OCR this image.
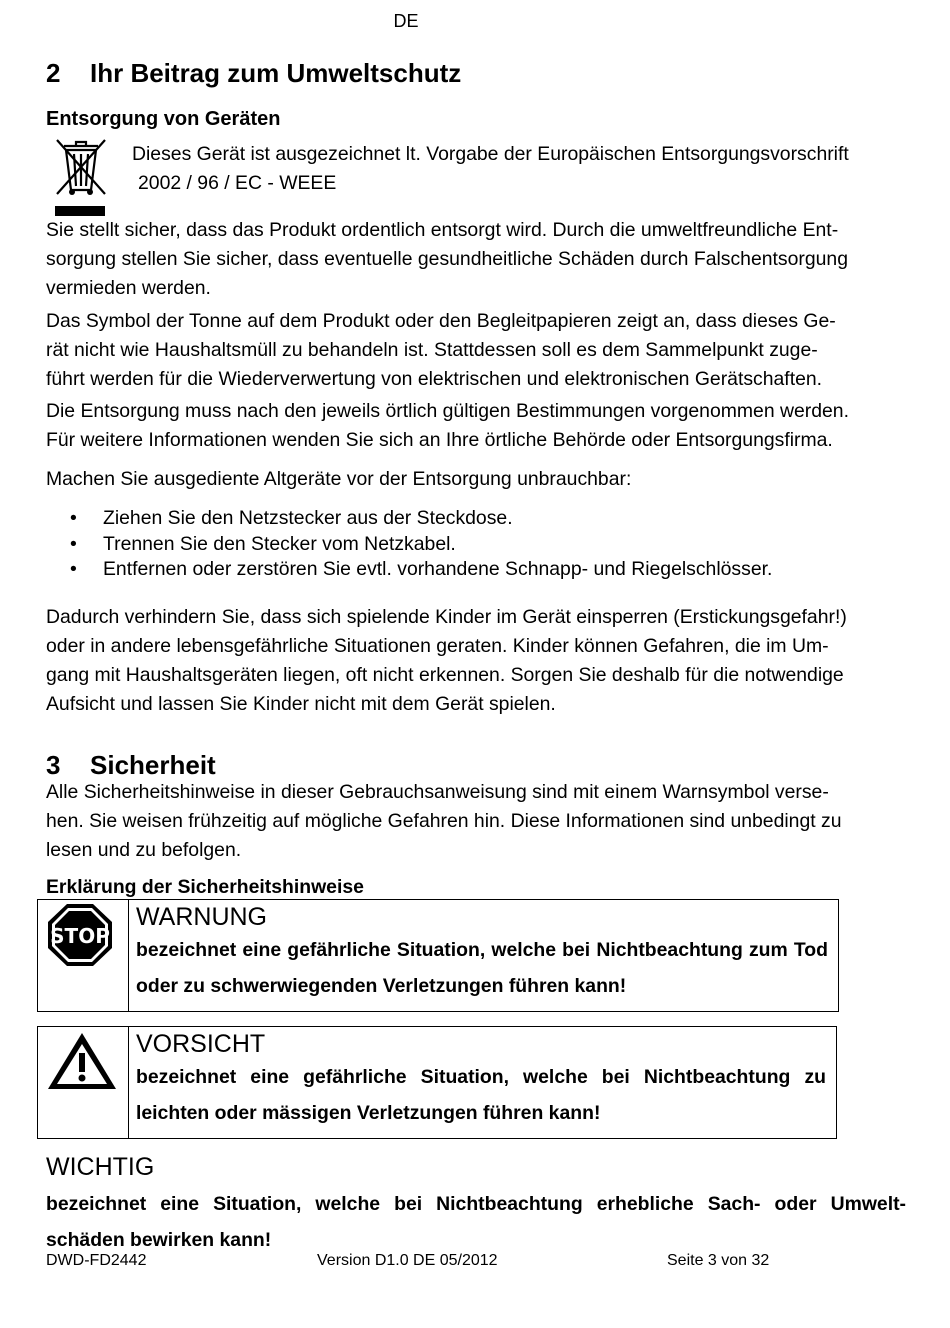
DE
2 Ihr Beitrag zum Umweltschutz
Entsorgung von Geräten
Dieses Gerät ist ausgezeichnet lt. Vorgabe der Europäischen Entsorgungsvorschrift
2002 / 96 / EC - WEEE
Sie stellt sicher, dass das Produkt ordentlich entsorgt wird. Durch die umweltfreundliche Ent-
sorgung stellen Sie sicher, dass eventuelle gesundheitliche Schäden durch Falschentsorgung
vermieden werden.
Das Symbol der Tonne auf dem Produkt oder den Begleitpapieren zeigt an, dass dieses Ge-
rät nicht wie Haushaltsmüll zu behandeln ist. Stattdessen soll es dem Sammelpunkt zuge-
führt werden für die Wiederverwertung von elektrischen und elektronischen Gerätschaften.
Die Entsorgung muss nach den jeweils örtlich gültigen Bestimmungen vorgenommen werden.
Für weitere Informationen wenden Sie sich an Ihre örtliche Behörde oder Entsorgungsfirma.
Machen Sie ausgediente Altgeräte vor der Entsorgung unbrauchbar:
• Ziehen Sie den Netzstecker aus der Steckdose.
• Trennen Sie den Stecker vom Netzkabel.
• Entfernen oder zerstören Sie evtl. vorhandene Schnapp- und Riegelschlösser.
Dadurch verhindern Sie, dass sich spielende Kinder im Gerät einsperren (Erstickungsgefahr!)
oder in andere lebensgefährliche Situationen geraten. Kinder können Gefahren, die im Um-
gang mit Haushaltsgeräten liegen, oft nicht erkennen. Sorgen Sie deshalb für die notwendige
Aufsicht und lassen Sie Kinder nicht mit dem Gerät spielen.
3 Sicherheit
Alle Sicherheitshinweise in dieser Gebrauchsanweisung sind mit einem Warnsymbol verse-
hen. Sie weisen frühzeitig auf mögliche Gefahren hin. Diese Informationen sind unbedingt zu
lesen und zu befolgen.
Erklärung der Sicherheitshinweise
STOP
WARNUNG
bezeichnet eine gefährliche Situation, welche bei Nichtbeachtung zum Tod oder zu schwerwiegenden Verletzungen führen kann!
VORSICHT
bezeichnet eine gefährliche Situation, welche bei Nichtbeachtung zu leichten oder mässigen Verletzungen führen kann!
WICHTIG
bezeichnet eine Situation, welche bei Nichtbeachtung erhebliche Sach- oder Umwelt-schäden bewirken kann!
DWD-FD2442	Version D1.0 DE 05/2012	Seite 3 von 32
